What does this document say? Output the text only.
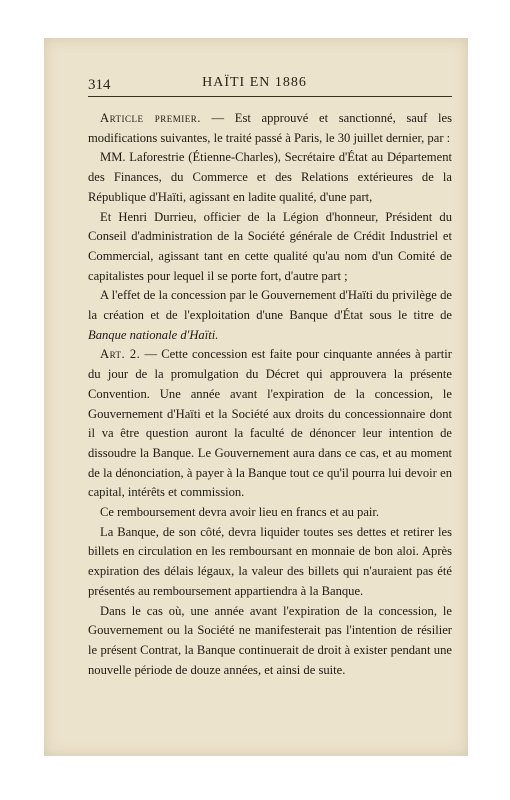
314	HAÏTI EN 1886

Article premier. — Est approuvé et sanctionné, sauf les modifications suivantes, le traité passé à Paris, le 30 juillet dernier, par :

MM. Laforestrie (Étienne-Charles), Secrétaire d'État au Département des Finances, du Commerce et des Relations extérieures de la République d'Haïti, agissant en ladite qualité, d'une part,

Et Henri Durrieu, officier de la Légion d'honneur, Président du Conseil d'administration de la Société générale de Crédit Industriel et Commercial, agissant tant en cette qualité qu'au nom d'un Comité de capitalistes pour lequel il se porte fort, d'autre part ;

A l'effet de la concession par le Gouvernement d'Haïti du privilège de la création et de l'exploitation d'une Banque d'État sous le titre de Banque nationale d'Haïti.

Art. 2. — Cette concession est faite pour cinquante années à partir du jour de la promulgation du Décret qui approuvera la présente Convention. Une année avant l'expiration de la concession, le Gouvernement d'Haïti et la Société aux droits du concessionnaire dont il va être question auront la faculté de dénoncer leur intention de dissoudre la Banque. Le Gouvernement aura dans ce cas, et au moment de la dénonciation, à payer à la Banque tout ce qu'il pourra lui devoir en capital, intérêts et commission.

Ce remboursement devra avoir lieu en francs et au pair.

La Banque, de son côté, devra liquider toutes ses dettes et retirer les billets en circulation en les remboursant en monnaie de bon aloi. Après expiration des délais légaux, la valeur des billets qui n'auraient pas été présentés au remboursement appartiendra à la Banque.

Dans le cas où, une année avant l'expiration de la concession, le Gouvernement ou la Société ne manifesterait pas l'intention de résilier le présent Contrat, la Banque continuerait de droit à exister pendant une nouvelle période de douze années, et ainsi de suite.
